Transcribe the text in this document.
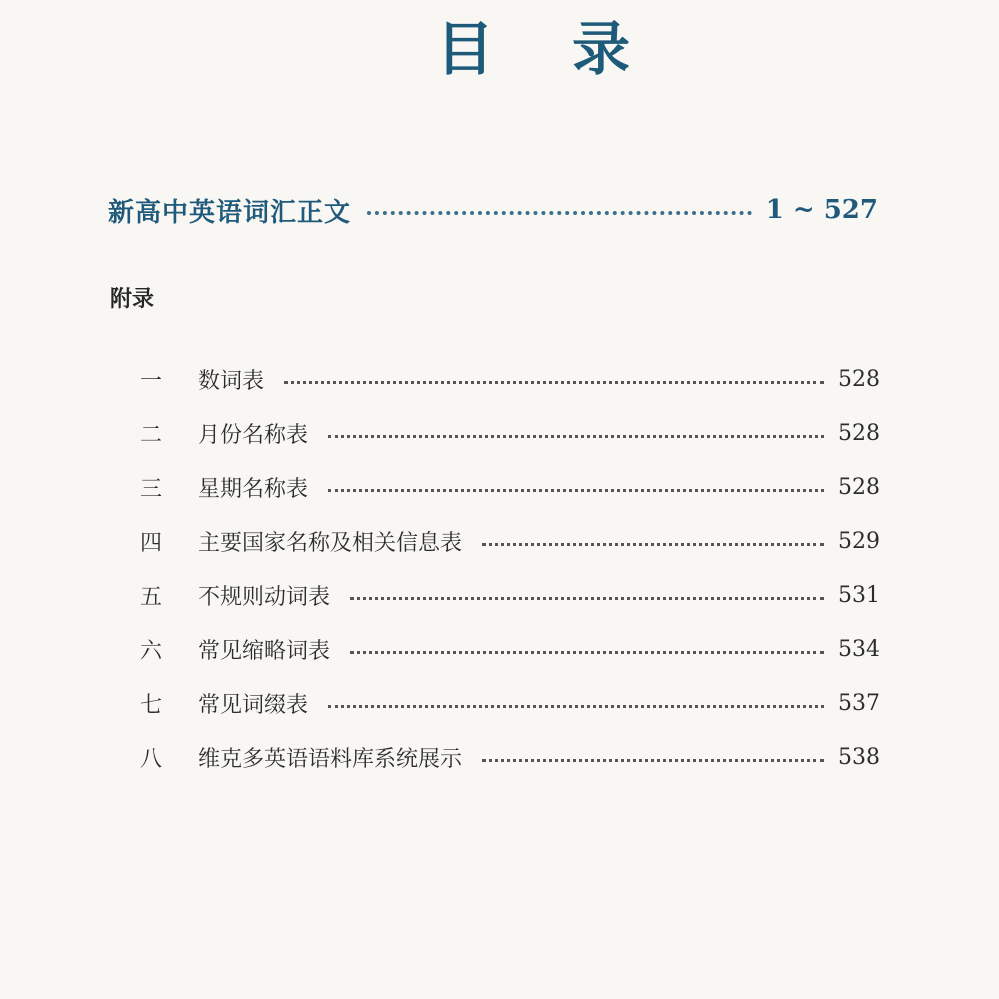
目 录
新高中英语词汇正文	1 ~ 527
附录
一	数词表	528
二	月份名称表	528
三	星期名称表	528
四	主要国家名称及相关信息表	529
五	不规则动词表	531
六	常见缩略词表	534
七	常见词缀表	537
八	维克多英语语料库系统展示	538
